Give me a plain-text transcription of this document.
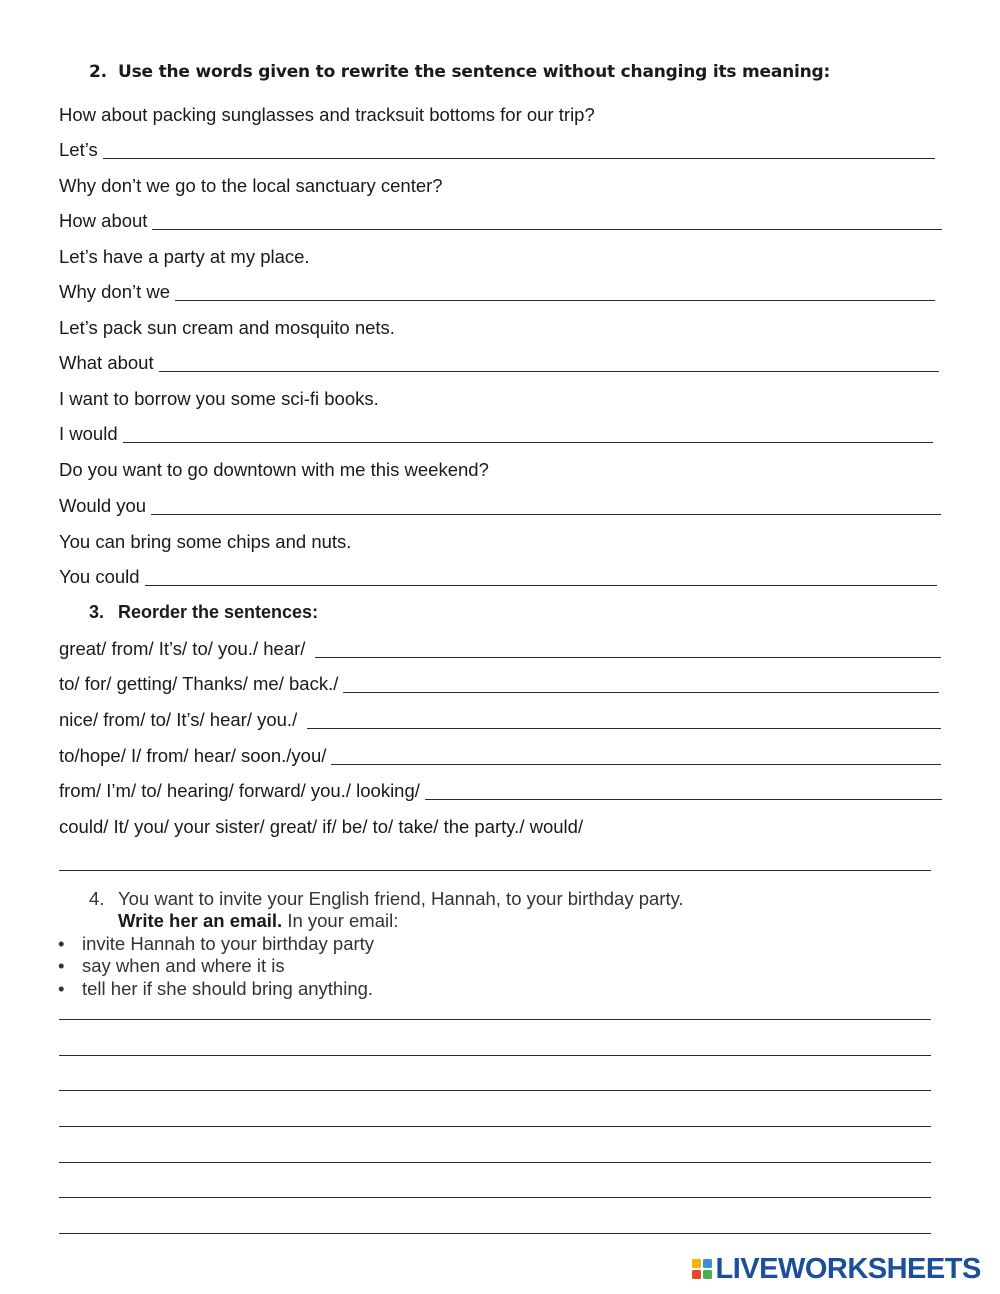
2. Use the words given to rewrite the sentence without changing its meaning:
How about packing sunglasses and tracksuit bottoms for our trip?
Let’s
Why don’t we go to the local sanctuary center?
How about
Let’s have a party at my place.
Why don’t we
Let’s pack sun cream and mosquito nets.
What about
I want to borrow you some sci-fi books.
I would
Do you want to go downtown with me this weekend?
Would you
You can bring some chips and nuts.
You could
3. Reorder the sentences:
great/ from/ It’s/ to/ you./ hear/
to/ for/ getting/ Thanks/ me/ back./
nice/ from/ to/ It’s/ hear/ you./
to/hope/ I/ from/ hear/ soon./you/
from/ I’m/ to/ hearing/ forward/ you./ looking/
could/ It/ you/ your sister/ great/ if/ be/ to/ take/ the party./ would/
4. You want to invite your English friend, Hannah, to your birthday party.
Write her an email. In your email:
• invite Hannah to your birthday party
• say when and where it is
• tell her if she should bring anything.
LIVEWORKSHEETS
